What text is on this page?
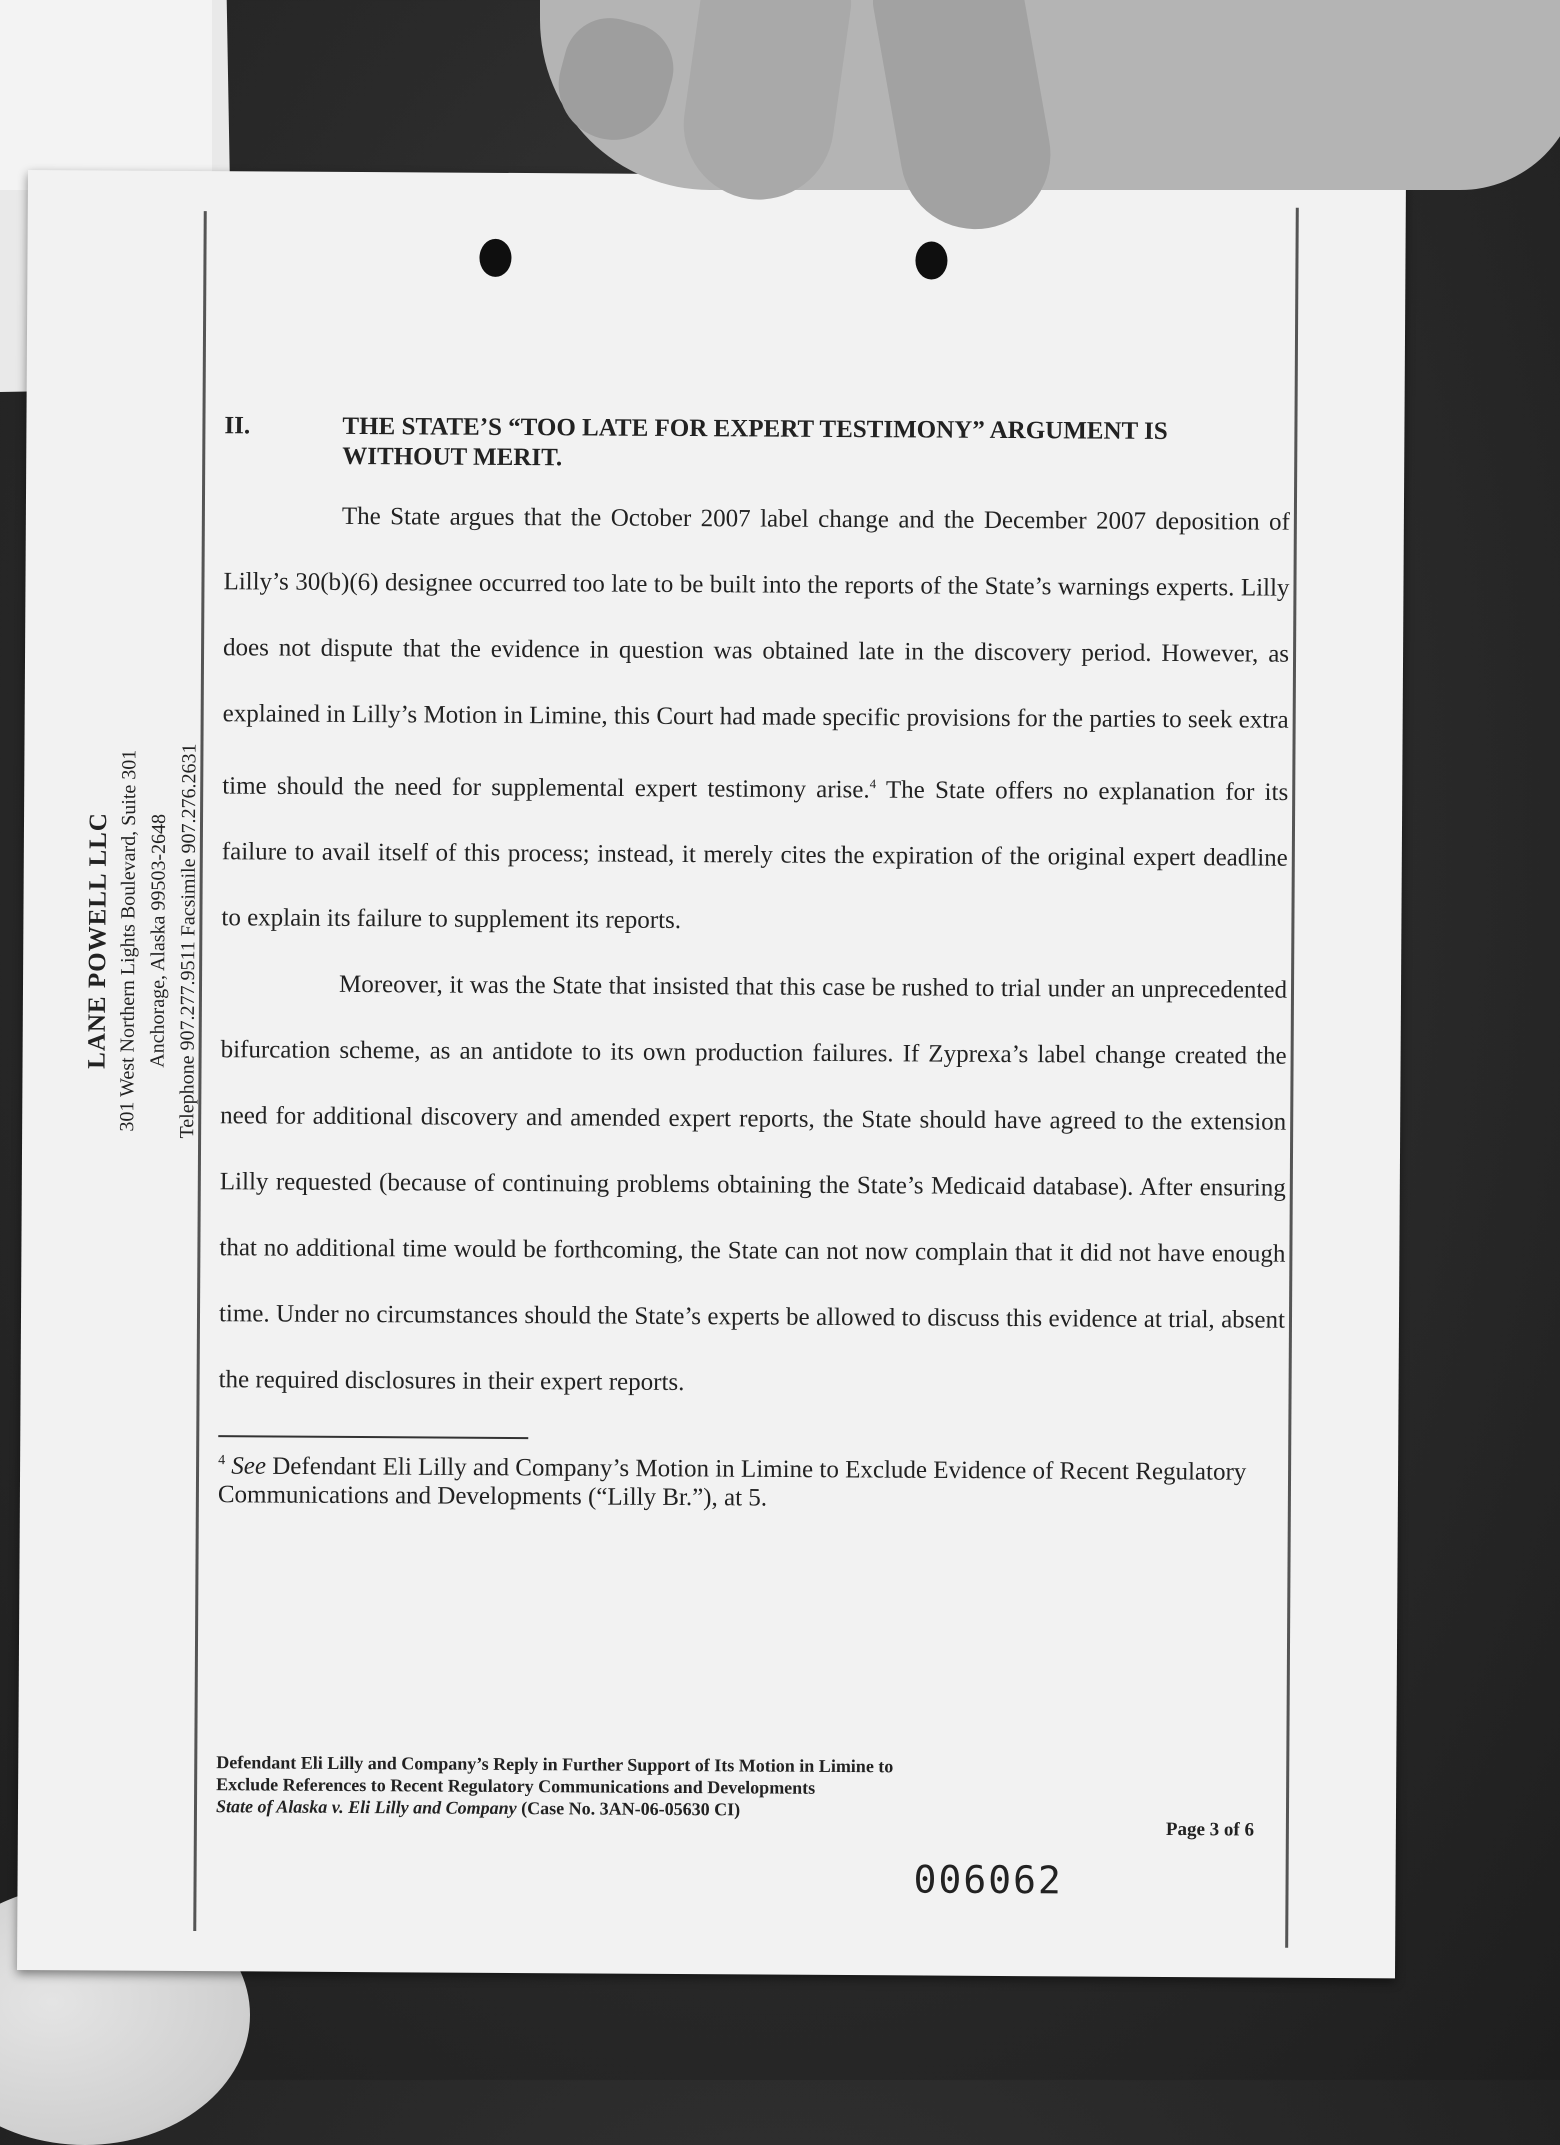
LANE POWELL LLC 301 West Northern Lights Boulevard, Suite 301 Anchorage, Alaska 99503-2648 Telephone 907.277.9511 Facsimile 907.276.2631
II.	THE STATE’S “TOO LATE FOR EXPERT TESTIMONY” ARGUMENT IS WITHOUT MERIT.

The State argues that the October 2007 label change and the December 2007 deposition of Lilly’s 30(b)(6) designee occurred too late to be built into the reports of the State’s warnings experts. Lilly does not dispute that the evidence in question was obtained late in the discovery period. However, as explained in Lilly’s Motion in Limine, this Court had made specific provisions for the parties to seek extra time should the need for supplemental expert testimony arise.$^4$ The State offers no explanation for its failure to avail itself of this process; instead, it merely cites the expiration of the original expert deadline to explain its failure to supplement its reports.

Moreover, it was the State that insisted that this case be rushed to trial under an unprecedented bifurcation scheme, as an antidote to its own production failures. If Zyprexa’s label change created the need for additional discovery and amended expert reports, the State should have agreed to the extension Lilly requested (because of continuing problems obtaining the State’s Medicaid database). After ensuring that no additional time would be forthcoming, the State can not now complain that it did not have enough time. Under no circumstances should the State’s experts be allowed to discuss this evidence at trial, absent the required disclosures in their expert reports.

$^4$ See Defendant Eli Lilly and Company’s Motion in Limine to Exclude Evidence of Recent Regulatory Communications and Developments (“Lilly Br.”), at 5.
Defendant Eli Lilly and Company’s Reply in Further Support of Its Motion in Limine to
Exclude References to Recent Regulatory Communications and Developments
State of Alaska v. Eli Lilly and Company (Case No. 3AN-06-05630 CI)
Page 3 of 6
006062
